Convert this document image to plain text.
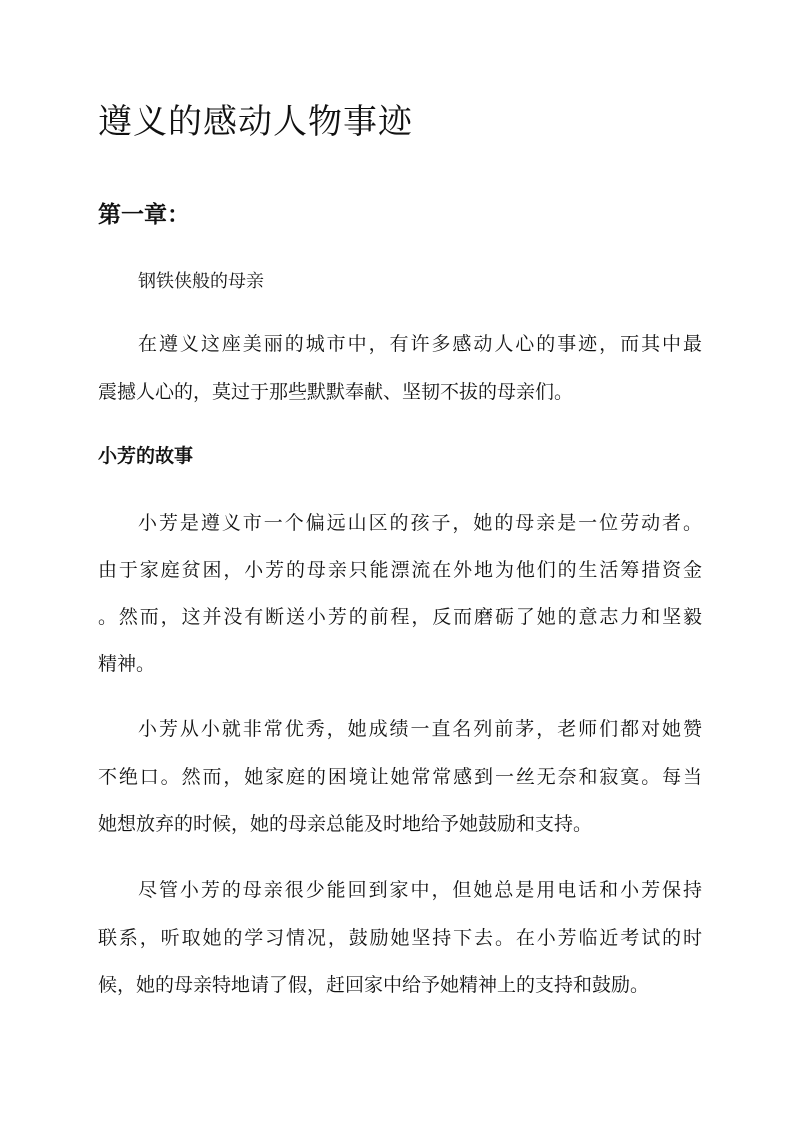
遵义的感动人物事迹
第一章：

钢铁侠般的母亲

在遵义这座美丽的城市中，有许多感动人心的事迹，而其中最

震撼人心的，莫过于那些默默奉献、坚韧不拔的母亲们。

小芳的故事

小芳是遵义市一个偏远山区的孩子，她的母亲是一位劳动者。

由于家庭贫困，小芳的母亲只能漂流在外地为他们的生活筹措资金

。然而，这并没有断送小芳的前程，反而磨砺了她的意志力和坚毅

精神。

小芳从小就非常优秀，她成绩一直名列前茅，老师们都对她赞

不绝口。然而，她家庭的困境让她常常感到一丝无奈和寂寞。每当

她想放弃的时候，她的母亲总能及时地给予她鼓励和支持。

尽管小芳的母亲很少能回到家中，但她总是用电话和小芳保持

联系，听取她的学习情况，鼓励她坚持下去。在小芳临近考试的时

候，她的母亲特地请了假，赶回家中给予她精神上的支持和鼓励。
